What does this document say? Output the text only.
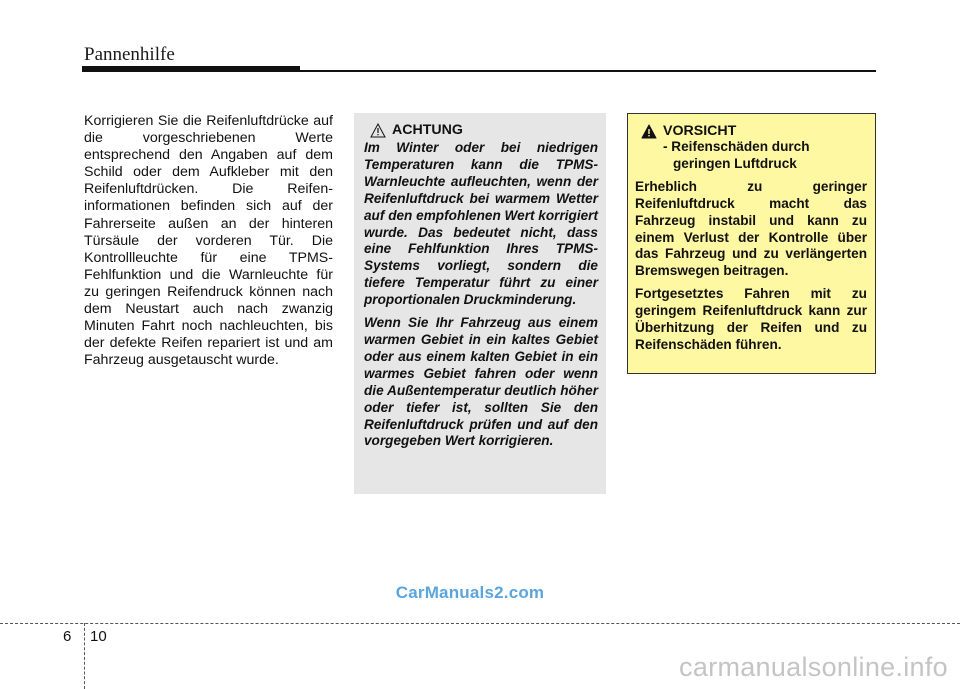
Pannenhilfe
Korrigieren Sie die Reifenluftdrücke auf die vorgeschriebenen Werte entsprechend den Angaben auf dem Schild oder dem Aufkleber mit den Reifenluftdrücken. Die Reifen-informationen befinden sich auf der Fahrerseite außen an der hinteren Türsäule der vorderen Tür. Die Kontrollleuchte für eine TPMS-Fehlfunktion und die Warnleuchte für zu geringen Reifendruck können nach dem Neustart auch nach zwanzig Minuten Fahrt noch nachleuchten, bis der defekte Reifen repariert ist und am Fahrzeug ausgetauscht wurde.
ACHTUNG

Im Winter oder bei niedrigen Temperaturen kann die TPMS-Warnleuchte aufleuchten, wenn der Reifenluftdruck bei warmem Wetter auf den empfohlenen Wert korrigiert wurde. Das bedeutet nicht, dass eine Fehlfunktion Ihres TPMS-Systems vorliegt, sondern die tiefere Temperatur führt zu einer proportionalen Druckminderung.

Wenn Sie Ihr Fahrzeug aus einem warmen Gebiet in ein kaltes Gebiet oder aus einem kalten Gebiet in ein warmes Gebiet fahren oder wenn die Außentemperatur deutlich höher oder tiefer ist, sollten Sie den Reifenluftdruck prüfen und auf den vorgegeben Wert korrigieren.

VORSICHT
- Reifenschäden durch geringen Luftdruck

Erheblich zu geringer Reifenluftdruck macht das Fahrzeug instabil und kann zu einem Verlust der Kontrolle über das Fahrzeug und zu verlängerten Bremswegen beitragen.

Fortgesetztes Fahren mit zu geringem Reifenluftdruck kann zur Überhitzung der Reifen und zu Reifenschäden führen.

CarManuals2.com
6 10
carmanualsonline.info
